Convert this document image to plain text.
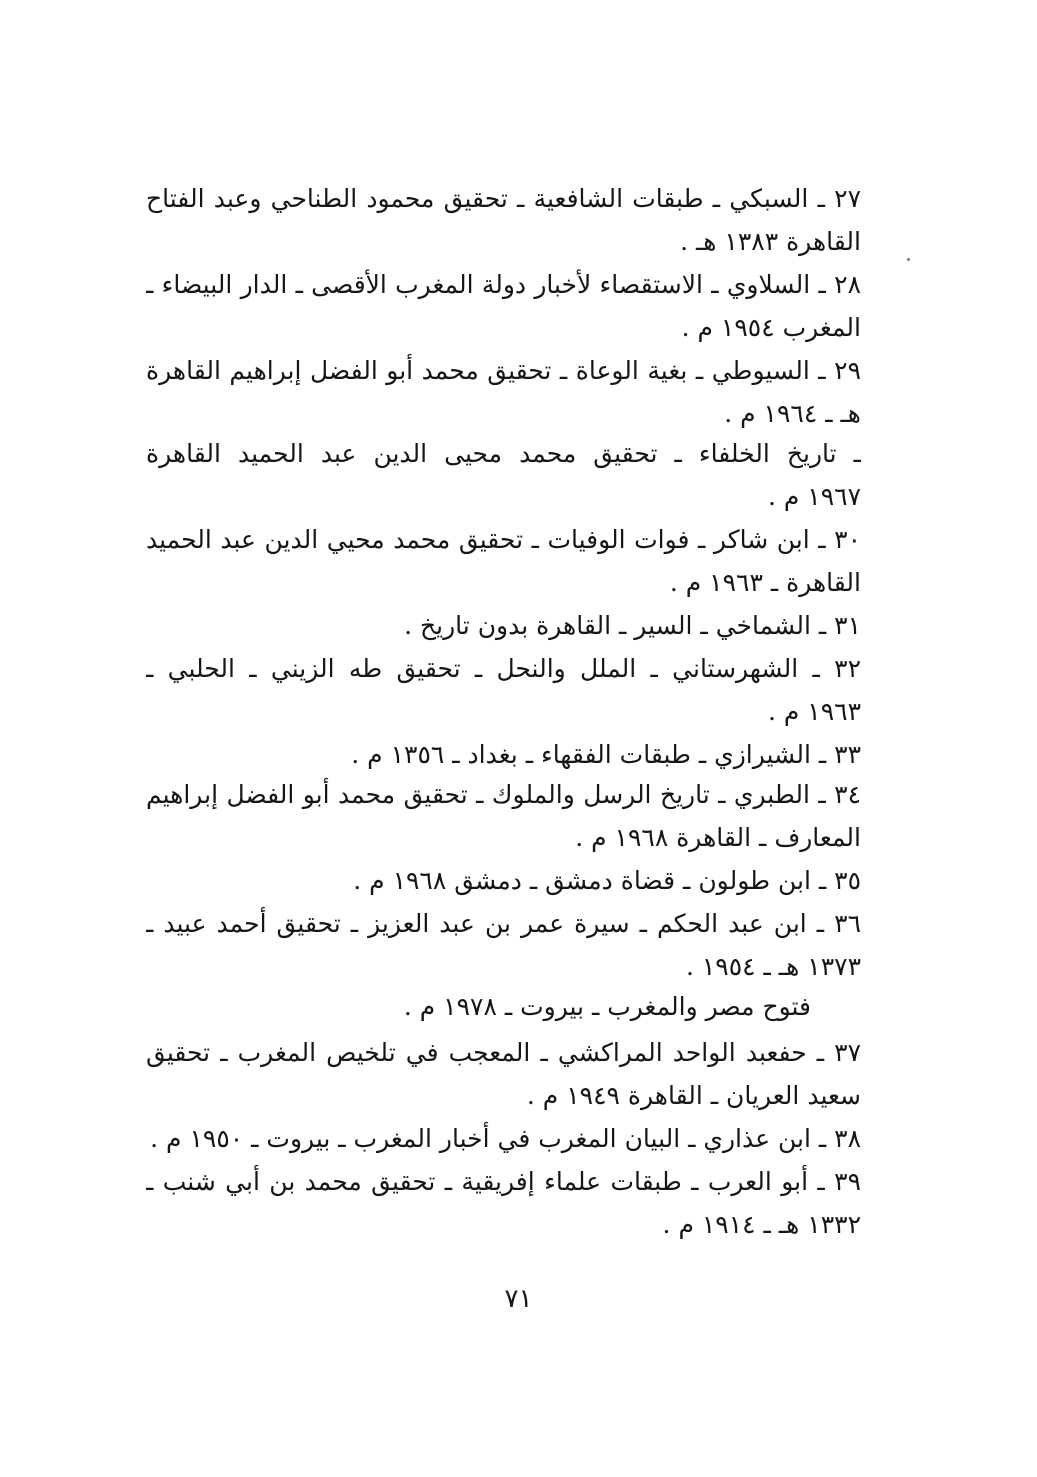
٢٧ ـ السبكي ـ طبقات الشافعية ـ تحقيق محمود الطناحي وعبد الفتاح
القاهرة ١٣٨٣ هـ .
٢٨ ـ السلاوي ـ الاستقصاء لأخبار دولة المغرب الأقصى ـ الدار البيضاء ـ
المغرب ١٩٥٤ م .
٢٩ ـ السيوطي ـ بغية الوعاة ـ تحقيق محمد أبو الفضل إبراهيم القاهرة
هـ ـ ١٩٦٤ م .
ـ تاريخ الخلفاء ـ تحقيق محمد محيى الدين عبد الحميد القاهرة
١٩٦٧ م .
٣٠ ـ ابن شاكر ـ فوات الوفيات ـ تحقيق محمد محيي الدين عبد الحميد
القاهرة ـ ١٩٦٣ م .
٣١ ـ الشماخي ـ السير ـ القاهرة بدون تاريخ .
٣٢ ـ الشهرستاني ـ الملل والنحل ـ تحقيق طه الزيني ـ الحلبي ـ
١٩٦٣ م .
٣٣ ـ الشيرازي ـ طبقات الفقهاء ـ بغداد ـ ١٣٥٦ م .
٣٤ ـ الطبري ـ تاريخ الرسل والملوك ـ تحقيق محمد أبو الفضل إبراهيم
المعارف ـ القاهرة ١٩٦٨ م .
٣٥ ـ ابن طولون ـ قضاة دمشق ـ دمشق ١٩٦٨ م .
٣٦ ـ ابن عبد الحكم ـ سيرة عمر بن عبد العزيز ـ تحقيق أحمد عبيد ـ
١٣٧٣ هـ ـ ١٩٥٤ .
فتوح مصر والمغرب ـ بيروت ـ ١٩٧٨ م .
٣٧ ـ حفعبد الواحد المراكشي ـ المعجب في تلخيص المغرب ـ تحقيق
سعيد العريان ـ القاهرة ١٩٤٩ م .
٣٨ ـ ابن عذاري ـ البيان المغرب في أخبار المغرب ـ بيروت ـ ١٩٥٠ م .
٣٩ ـ أبو العرب ـ طبقات علماء إفريقية ـ تحقيق محمد بن أبي شنب ـ
١٣٣٢ هـ ـ ١٩١٤ م .
٧١
